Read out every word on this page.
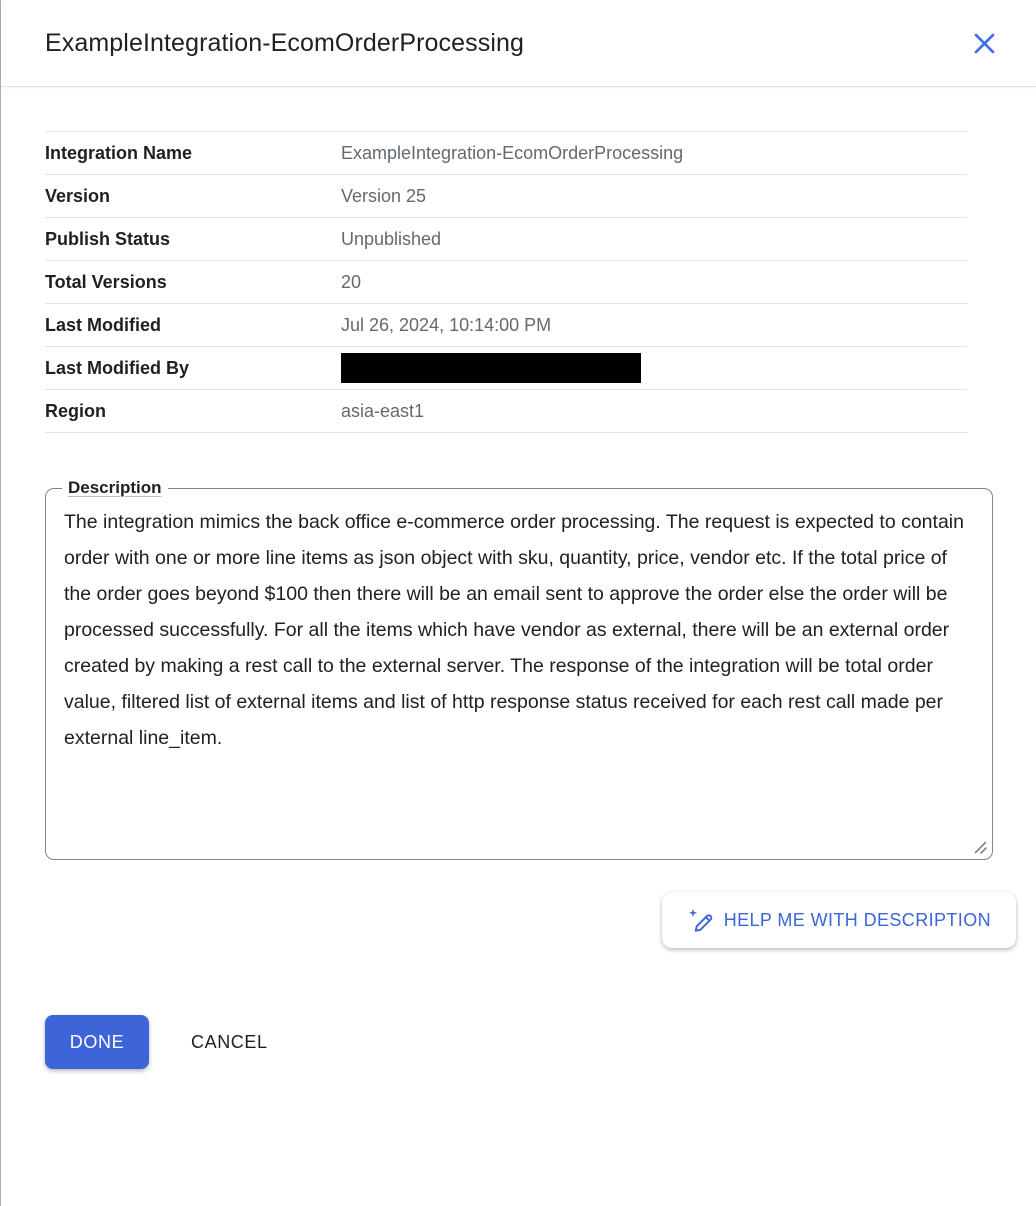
ExampleIntegration-EcomOrderProcessing
Integration Name	ExampleIntegration-EcomOrderProcessing
Version	Version 25
Publish Status	Unpublished
Total Versions	20
Last Modified	Jul 26, 2024, 10:14:00 PM
Last Modified By
Region	asia-east1
Description
The integration mimics the back office e-commerce order processing. The request is expected to contain order with one or more line items as json object with sku, quantity, price, vendor etc. If the total price of the order goes beyond $100 then there will be an email sent to approve the order else the order will be processed successfully. For all the items which have vendor as external, there will be an external order created by making a rest call to the external server. The response of the integration will be total order value, filtered list of external items and list of http response status received for each rest call made per external line_item.
HELP ME WITH DESCRIPTION
DONE	CANCEL
